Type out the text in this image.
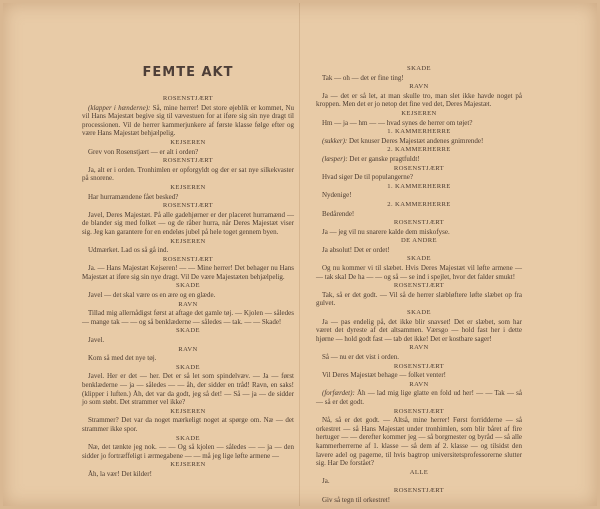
FEMTE AKT
ROSENSTJÆRT
(klapper i hænderne): Så, mine herrer! Det store øjeblik er kommet, Nu vil Hans Majestæt begive sig til vævestuen for at iføre sig sin nye dragt til processionen. Vil de herrer kammerjunkere af første klasse følge efter og være Hans Majestæt behjælpelig.
KEJSEREN
Grev von Rosenstjært — er alt i orden?
ROSENSTJÆRT
Ja, alt er i orden. Tronhimlen er opforgyldt og der er sat nye silkekvaster på snorene.
KEJSEREN
Har hurramændene fået besked?
ROSENSTJÆRT
Javel, Deres Majestæt. På alle gadehjørner er der placeret hurramænd — de blander sig med folket — og de råber hurra, når Deres Majestæt viser sig. Jeg kan garantere for en endeløs jubel på hele toget gennem byen.
KEJSEREN
Udmærket. Lad os så gå ind.
ROSENSTJÆRT
Ja. — Hans Majestæt Kejseren! — — Mine herrer! Det behager nu Hans Majestæt at iføre sig sin nye dragt. Vil De være Majestæten behjælpelig.
SKADE
Javel — det skal være os en ære og en glæde.
RAVN
Tillad mig allernådigst først at aftage det gamle tøj. — Kjolen — således — mange tak — — og så benklæderne — således — tak. — — Skade!
SKADE
Javel.
RAVN
Kom så med det nye tøj.
SKADE
Javel. Her er det — her. Det er så let som spindelvæv. — Ja — først benklæderne — ja — således — — åh, der sidder en tråd! Ravn, en saks! (klipper i luften.) Åh, det var da godt, jeg så det! — Så — ja — de sidder jo som støbt. Det strammer vel ikke?
KEJSEREN
Strammer? Det var da noget mærkeligt noget at spørge om. Næ — det strammer ikke spor.
SKADE
Næ, det tænkte jeg nok. — — Og så kjolen — således — — ja — den sidder jo fortræffeligt i ærmegabene — — må jeg lige løfte armene —
KEJSEREN
Åh, la vær! Det kilder!
SKADE
Tak — oh — det er fine ting!
RAVN
Ja — det er så let, at man skulle tro, man slet ikke havde noget på kroppen. Men det er jo netop det fine ved det, Deres Majestæt.
KEJSEREN
Hm — ja — hm — — hvad synes de herrer om tøjet?
1. KAMMERHERRE
(sukker): Det knuser Deres Majestæt andenes gnimrende!
2. KAMMERHERRE
(læsper): Det er ganske pragtfuldt!
ROSENSTJÆRT
Hvad siger De til populangerne?
1. KAMMERHERRE
Nydenige!
2. KAMMERHERRE
Bedårende!
ROSENSTJÆRT
Ja — jeg vil nu snarere kalde dem miskofyse.
DE ANDRE
Ja absolut! Det er ordet!
SKADE
Og nu kommer vi til slæbet. Hvis Deres Majestæt vil løfte armene — — tak skal De ha — — og så — se ind i spejlet, hvor det falder smukt!
ROSENSTJÆRT
Tak, så er det godt. — Vil så de herrer slæbløftere løfte slæbet op fra gulvet.
SKADE
Ja — pas endelig på, det ikke blir snavset! Det er slæbet, som har været det dyreste af det altsammen. Værsgo — hold fast her i dette hjørne — hold godt fast — tab det ikke! Det er kostbare sager!
RAVN
Så — nu er det vist i orden.
ROSENSTJÆRT
Vil Deres Majestæt behage — folket venter!
RAVN
(forfærdet): Åh — lad mig lige glatte en fold ud her! — — Tak — så — så er det godt.
ROSENSTJÆRT
Nå, så er det godt. — Altså, mine herrer! Først forridderne — så orkestret — så Hans Majestæt under tronhimlen, som blir båret af fire hertuger — — derefter kommer jeg — så borgmester og byråd — så alle kammerherrerne af 1. klasse — så dem af 2. klasse — og tilsidst den lavere adel og pagerne, til hvis bagtrop universitetsprofessorerne slutter sig. Har De forstået?
ALLE
Ja.
ROSENSTJÆRT
Giv så tegn til orkestret!
